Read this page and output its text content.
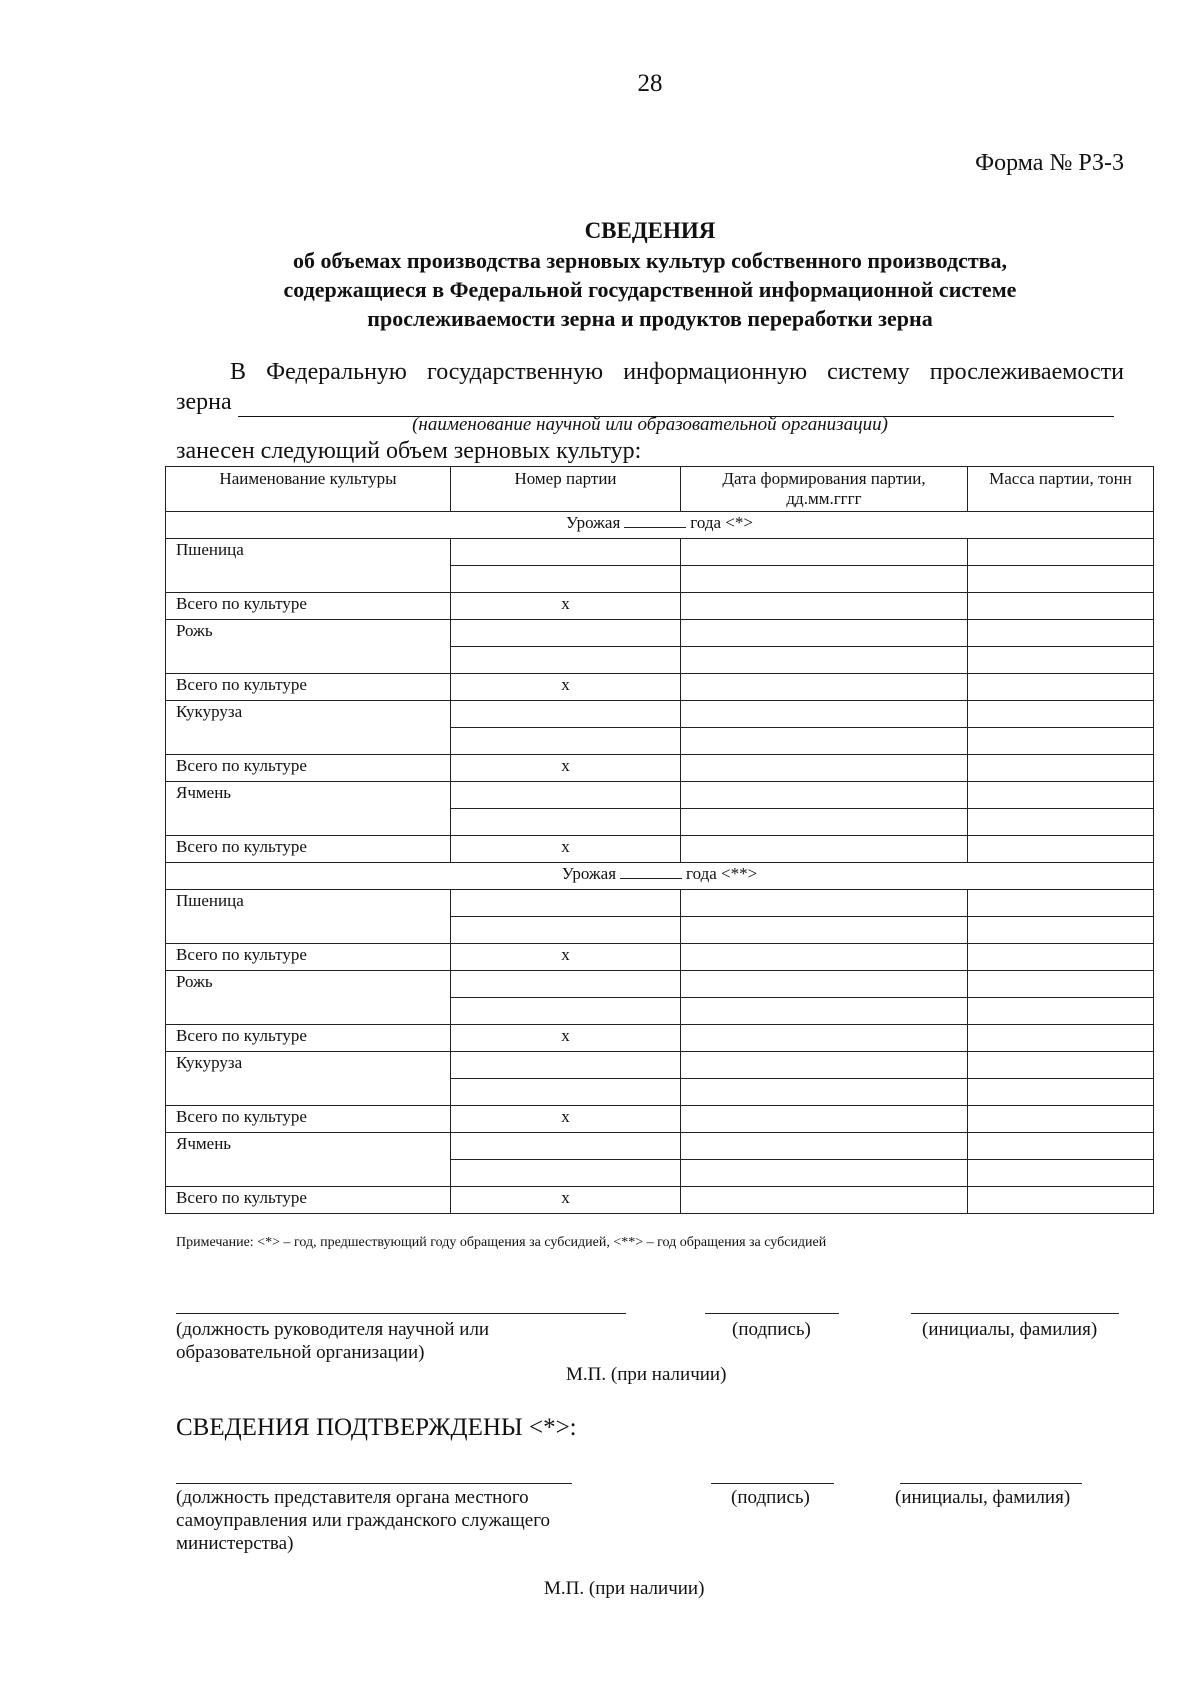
28
Форма № РЗ-3
СВЕДЕНИЯ
об объемах производства зерновых культур собственного производства,
содержащиеся в Федеральной государственной информационной системе
прослеживаемости зерна и продуктов переработки зерна
В Федеральную государственную информационную систему прослеживаемости
зерна
(наименование научной или образовательной организации)
занесен следующий объем зерновых культур:
Наименование культуры	Номер партии	Дата формирования партии, дд.мм.гггг	Масса партии, тонн
Урожая года <*>			
Пшеница			

Всего по культуре	х		
Рожь			

Всего по культуре	х		
Кукуруза			

Всего по культуре	х		
Ячмень			

Всего по культуре	х		
Урожая года <**>			
Пшеница			

Всего по культуре	х		
Рожь			

Всего по культуре	х		
Кукуруза			

Всего по культуре	х		
Ячмень			

Всего по культуре	х		
Примечание: <*> – год, предшествующий году обращения за субсидией, <**> – год обращения за субсидией
(должность руководителя научной или
образовательной организации)
(подпись)	(инициалы, фамилия)
М.П. (при наличии)
СВЕДЕНИЯ ПОДТВЕРЖДЕНЫ <*>:
(должность представителя органа местного
самоуправления или гражданского служащего
министерства)
(подпись)	(инициалы, фамилия)
М.П. (при наличии)
